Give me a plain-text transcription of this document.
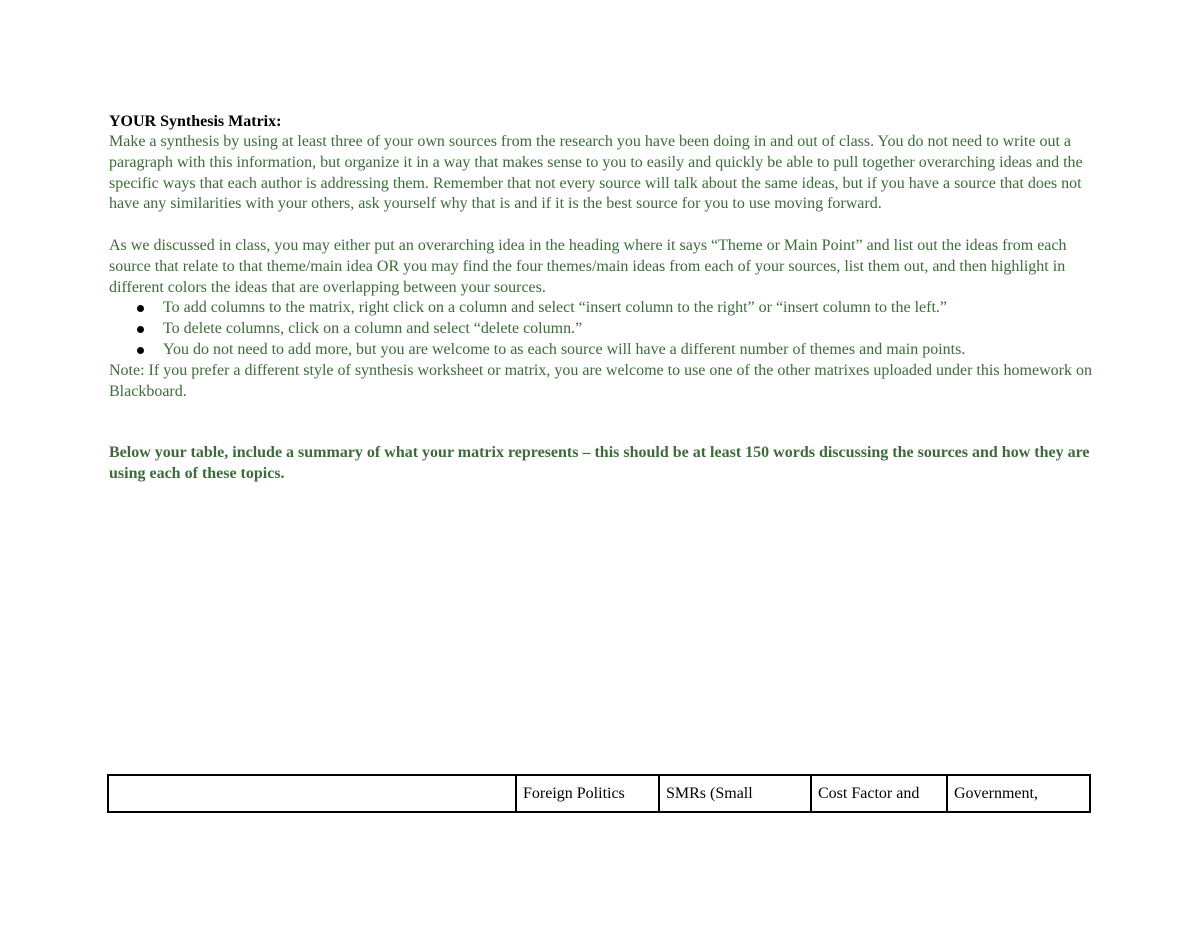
YOUR Synthesis Matrix:

Make a synthesis by using at least three of your own sources from the research you have been doing in and out of class. You do not need to write out a paragraph with this information, but organize it in a way that makes sense to you to easily and quickly be able to pull together overarching ideas and the specific ways that each author is addressing them. Remember that not every source will talk about the same ideas, but if you have a source that does not have any similarities with your others, ask yourself why that is and if it is the best source for you to use moving forward.

As we discussed in class, you may either put an overarching idea in the heading where it says “Theme or Main Point” and list out the ideas from each source that relate to that theme/main idea OR you may find the four themes/main ideas from each of your sources, list them out, and then highlight in different colors the ideas that are overlapping between your sources.

To add columns to the matrix, right click on a column and select “insert column to the right” or “insert column to the left.”
To delete columns, click on a column and select “delete column.”
You do not need to add more, but you are welcome to as each source will have a different number of themes and main points.

Note: If you prefer a different style of synthesis worksheet or matrix, you are welcome to use one of the other matrixes uploaded under this homework on Blackboard.

Below your table, include a summary of what your matrix represents – this should be at least 150 words discussing the sources and how they are using each of these topics.

	Foreign Politics	SMRs (Small	Cost Factor and	Government,
